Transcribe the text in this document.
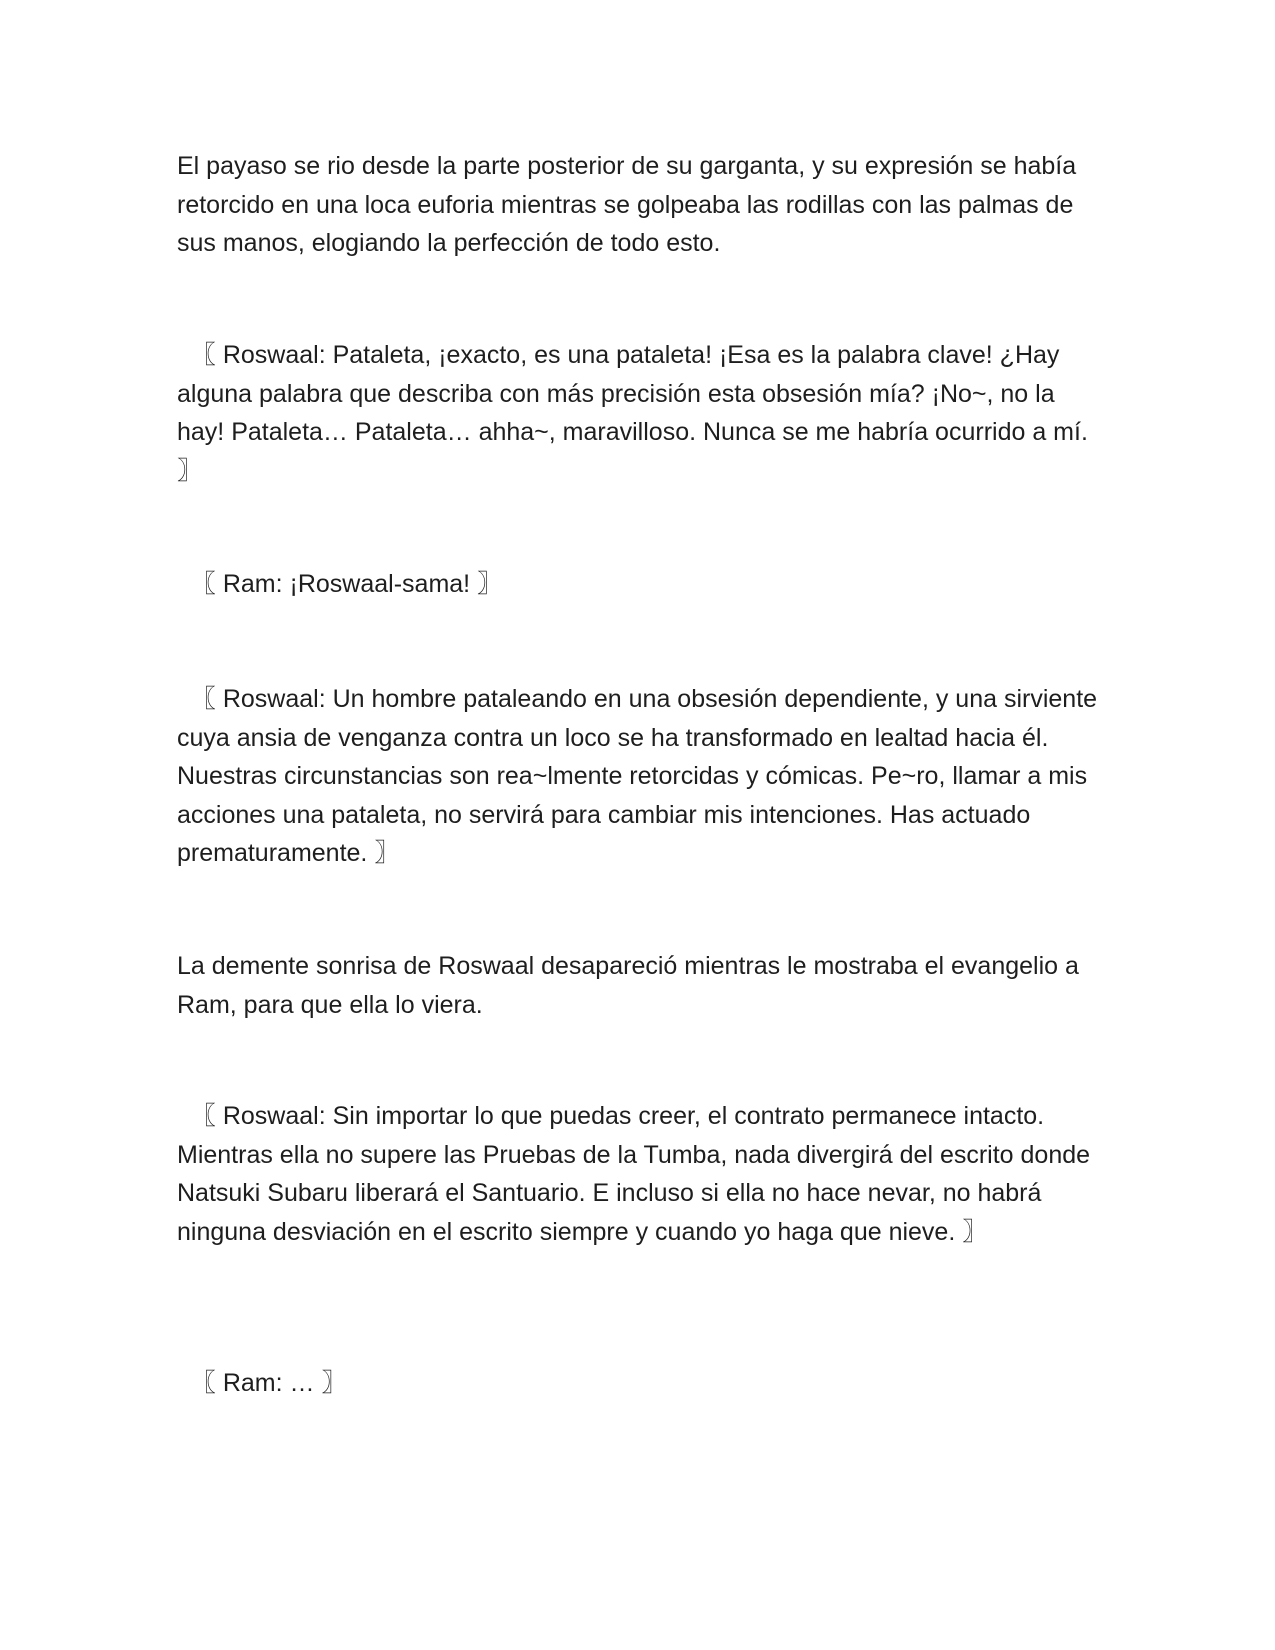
El payaso se rio desde la parte posterior de su garganta, y su expresión se había retorcido en una loca euforia mientras se golpeaba las rodillas con las palmas de sus manos, elogiando la perfección de todo esto.

〖 Roswaal: Pataleta, ¡exacto, es una pataleta! ¡Esa es la palabra clave! ¿Hay alguna palabra que describa con más precisión esta obsesión mía? ¡No~, no la hay! Pataleta… Pataleta… ahha~, maravilloso. Nunca se me habría ocurrido a mí. 〗

〖 Ram: ¡Roswaal-sama! 〗

〖 Roswaal: Un hombre pataleando en una obsesión dependiente, y una sirviente cuya ansia de venganza contra un loco se ha transformado en lealtad hacia él. Nuestras circunstancias son rea~lmente retorcidas y cómicas. Pe~ro, llamar a mis acciones una pataleta, no servirá para cambiar mis intenciones. Has actuado prematuramente. 〗

La demente sonrisa de Roswaal desapareció mientras le mostraba el evangelio a Ram, para que ella lo viera.

〖 Roswaal: Sin importar lo que puedas creer, el contrato permanece intacto. Mientras ella no supere las Pruebas de la Tumba, nada divergirá del escrito donde Natsuki Subaru liberará el Santuario. E incluso si ella no hace nevar, no habrá ninguna desviación en el escrito siempre y cuando yo haga que nieve. 〗

〖 Ram: … 〗
